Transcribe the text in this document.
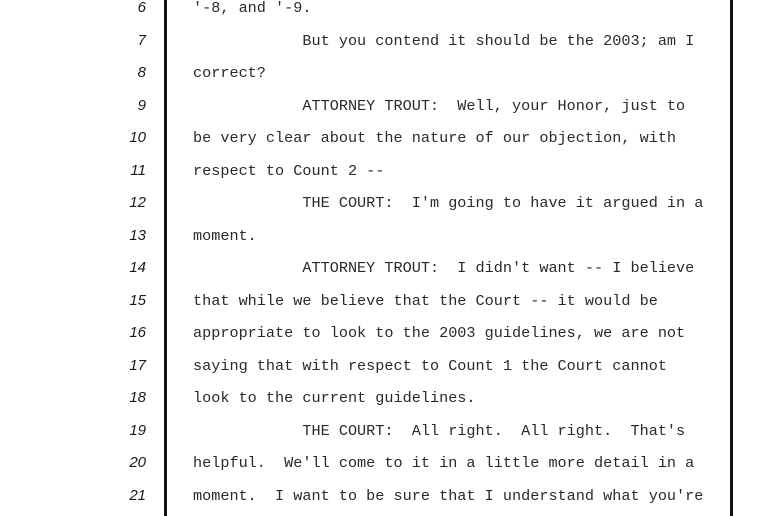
6	'-8, and '-9.
7	But you contend it should be the 2003; am I
8	correct?
9	ATTORNEY TROUT:  Well, your Honor, just to
10	be very clear about the nature of our objection, with
11	respect to Count 2 --
12	THE COURT:  I'm going to have it argued in a
13	moment.
14	ATTORNEY TROUT:  I didn't want -- I believe
15	that while we believe that the Court -- it would be
16	appropriate to look to the 2003 guidelines, we are not
17	saying that with respect to Count 1 the Court cannot
18	look to the current guidelines.
19	THE COURT:  All right.  All right.  That's
20	helpful.  We'll come to it in a little more detail in a
21	moment.  I want to be sure that I understand what you're
